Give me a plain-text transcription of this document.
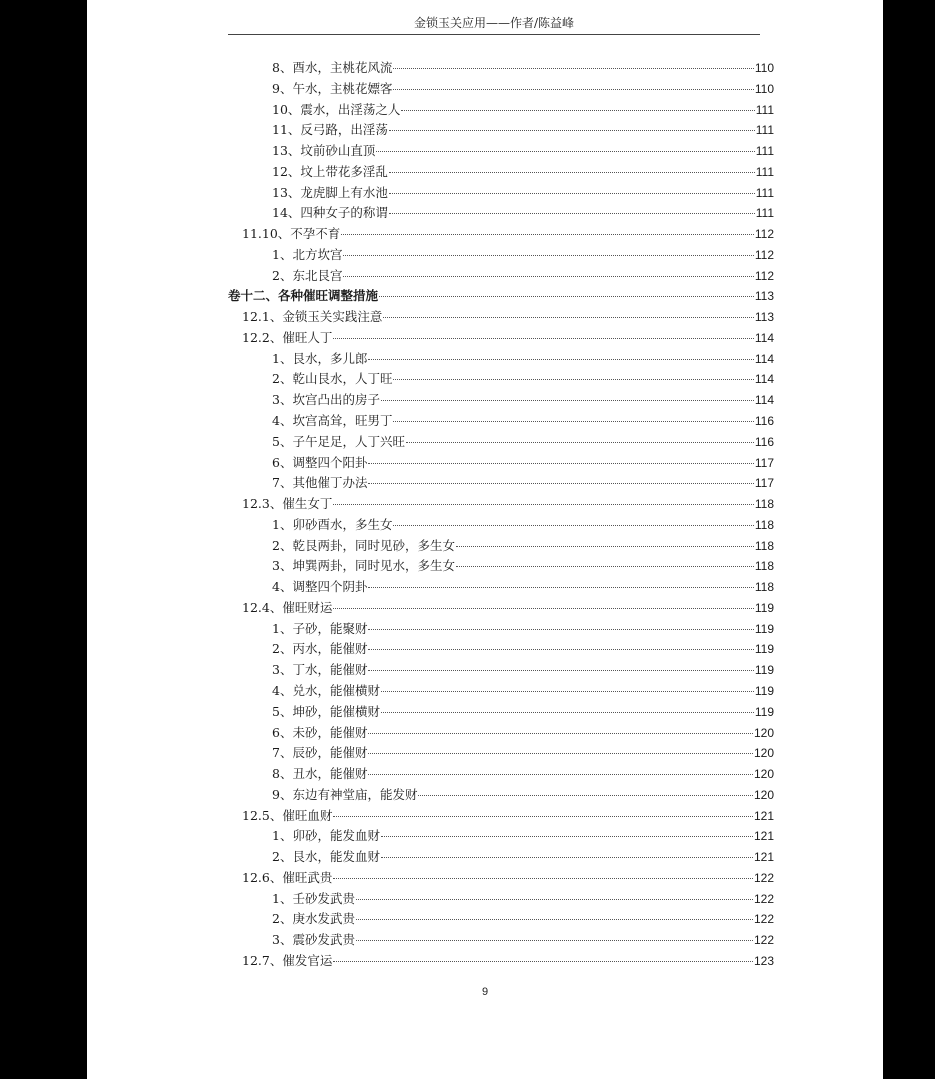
金锁玉关应用——作者/陈益峰
8、酉水，主桃花风流	110
9、午水，主桃花嫖客	110
10、震水，出淫荡之人	111
11、反弓路，出淫荡	111
13、坟前砂山直顶	111
12、坟上带花多淫乱	111
13、龙虎脚上有水池	111
14、四种女子的称谓	111
11.10、不孕不育	112
1、北方坎宫	112
2、东北艮宫	112
卷十二、各种催旺调整措施	113
12.1、金锁玉关实践注意	113
12.2、催旺人丁	114
1、艮水，多儿郎	114
2、乾山艮水，人丁旺	114
3、坎宫凸出的房子	114
4、坎宫高耸，旺男丁	116
5、子午足足，人丁兴旺	116
6、调整四个阳卦	117
7、其他催丁办法	117
12.3、催生女丁	118
1、卯砂酉水，多生女	118
2、乾艮两卦，同时见砂，多生女	118
3、坤巽两卦，同时见水，多生女	118
4、调整四个阴卦	118
12.4、催旺财运	119
1、子砂，能聚财	119
2、丙水，能催财	119
3、丁水，能催财	119
4、兑水，能催横财	119
5、坤砂，能催横财	119
6、未砂，能催财	120
7、辰砂，能催财	120
8、丑水，能催财	120
9、东边有神堂庙，能发财	120
12.5、催旺血财	121
1、卯砂，能发血财	121
2、艮水，能发血财	121
12.6、催旺武贵	122
1、壬砂发武贵	122
2、庚水发武贵	122
3、震砂发武贵	122
12.7、催发官运	123
9
